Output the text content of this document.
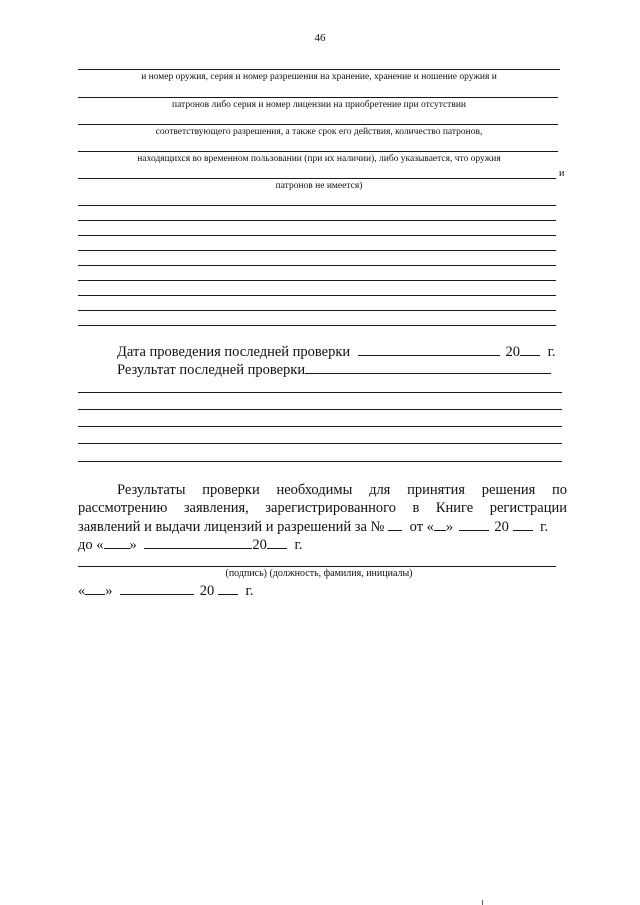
46
и номер оружия, серия и номер разрешения на хранение, хранение и ношение оружия и
патронов либо серия и номер лицензии на приобретение при отсутствии
соответствующего разрешения, а также срок его действия, количество патронов,
находящихся во временном пользовании (при их наличии), либо указывается, что оружия
и
патронов не имеется)
Дата проведения последней проверки	20 г.
Результат последней проверки
Результаты проверки необходимы для принятия решения по
рассмотрению заявления, зарегистрированного в Книге регистрации
заявлений и выдачи лицензий и разрешений за № от « »	20 г.
до « »	20 г.
(подпись) (должность, фамилия, инициалы)
« »	20 г.
